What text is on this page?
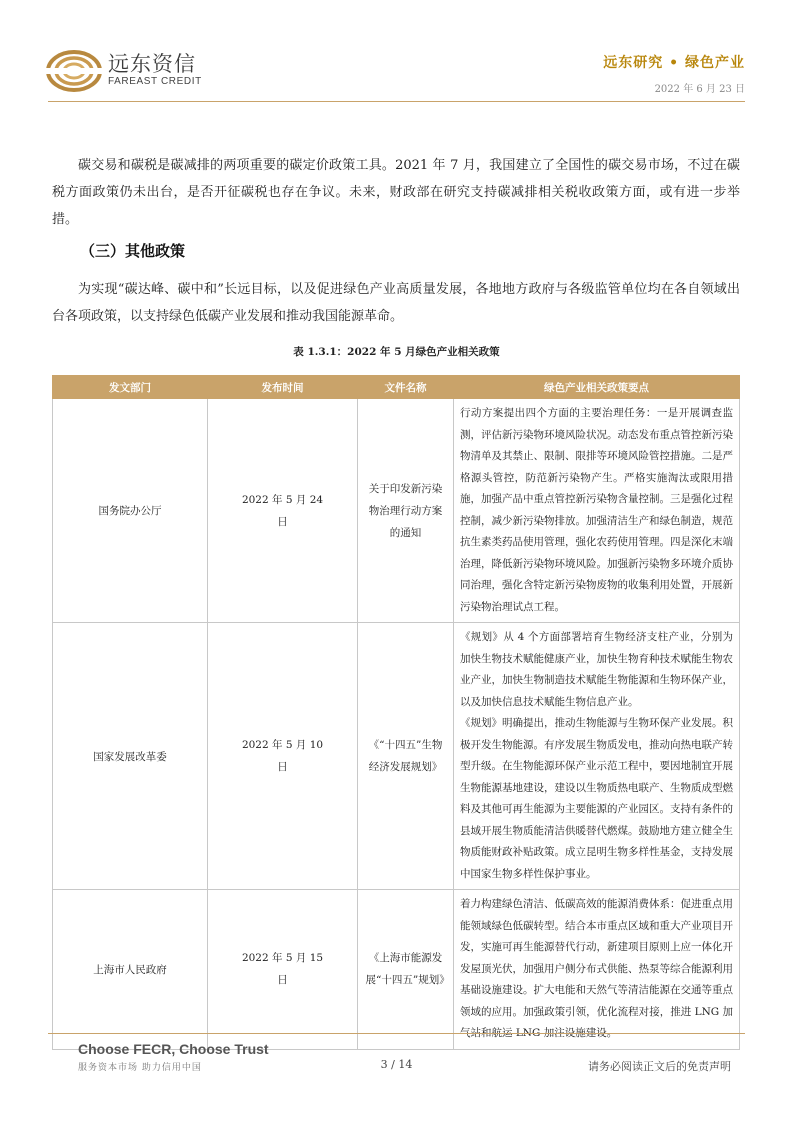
远东资信
FAREAST CREDIT
远东研究 • 绿色产业
2022 年 6 月 23 日

碳交易和碳税是碳减排的两项重要的碳定价政策工具。2021 年 7 月，我国建立了全国性的碳交易市场，不过在碳税方面政策仍未出台，是否开征碳税也存在争议。未来，财政部在研究支持碳减排相关税收政策方面，或有进一步举措。

（三）其他政策

为实现“碳达峰、碳中和”长远目标，以及促进绿色产业高质量发展，各地地方政府与各级监管单位均在各自领域出台各项政策，以支持绿色低碳产业发展和推动我国能源革命。

表 1.3.1：2022 年 5 月绿色产业相关政策
发文部门	发布时间	文件名称	绿色产业相关政策要点
国务院办公厅	2022 年 5 月 24 日	关于印发新污染物治理行动方案的通知	行动方案提出四个方面的主要治理任务：一是开展调查监测，评估新污染物环境风险状况。动态发布重点管控新污染物清单及其禁止、限制、限排等环境风险管控措施。二是严格源头管控，防范新污染物产生。严格实施淘汰或限用措施，加强产品中重点管控新污染物含量控制。三是强化过程控制，减少新污染物排放。加强清洁生产和绿色制造，规范抗生素类药品使用管理，强化农药使用管理。四是深化末端治理，降低新污染物环境风险。加强新污染物多环境介质协同治理，强化含特定新污染物废物的收集利用处置，开展新污染物治理试点工程。

国家发展改革委	2022 年 5 月 10 日	《“十四五”生物经济发展规划》	《规划》从 4 个方面部署培育生物经济支柱产业，分别为加快生物技术赋能健康产业，加快生物育种技术赋能生物农业产业，加快生物制造技术赋能生物能源和生物环保产业，以及加快信息技术赋能生物信息产业。

《规划》明确提出，推动生物能源与生物环保产业发展。积极开发生物能源。有序发展生物质发电，推动向热电联产转型升级。在生物能源环保产业示范工程中，要因地制宜开展生物能源基地建设，建设以生物质热电联产、生物质成型燃料及其他可再生能源为主要能源的产业园区。支持有条件的县域开展生物质能清洁供暖替代燃煤。鼓励地方建立健全生物质能财政补贴政策。成立昆明生物多样性基金，支持发展中国家生物多样性保护事业。

上海市人民政府	2022 年 5 月 15 日	《上海市能源发展“十四五”规划》	着力构建绿色清洁、低碳高效的能源消费体系：促进重点用能领域绿色低碳转型。结合本市重点区域和重大产业项目开发，实施可再生能源替代行动，新建项目原则上应一体化开发屋顶光伏，加强用户侧分布式供能、热泵等综合能源利用基础设施建设。扩大电能和天然气等清洁能源在交通等重点领域的应用。加强政策引领，优化流程对接，推进 LNG 加气站和航运 LNG 加注设施建设。

Choose FECR, Choose Trust
服务资本市场 助力信用中国	3 / 14	请务必阅读正文后的免责声明
